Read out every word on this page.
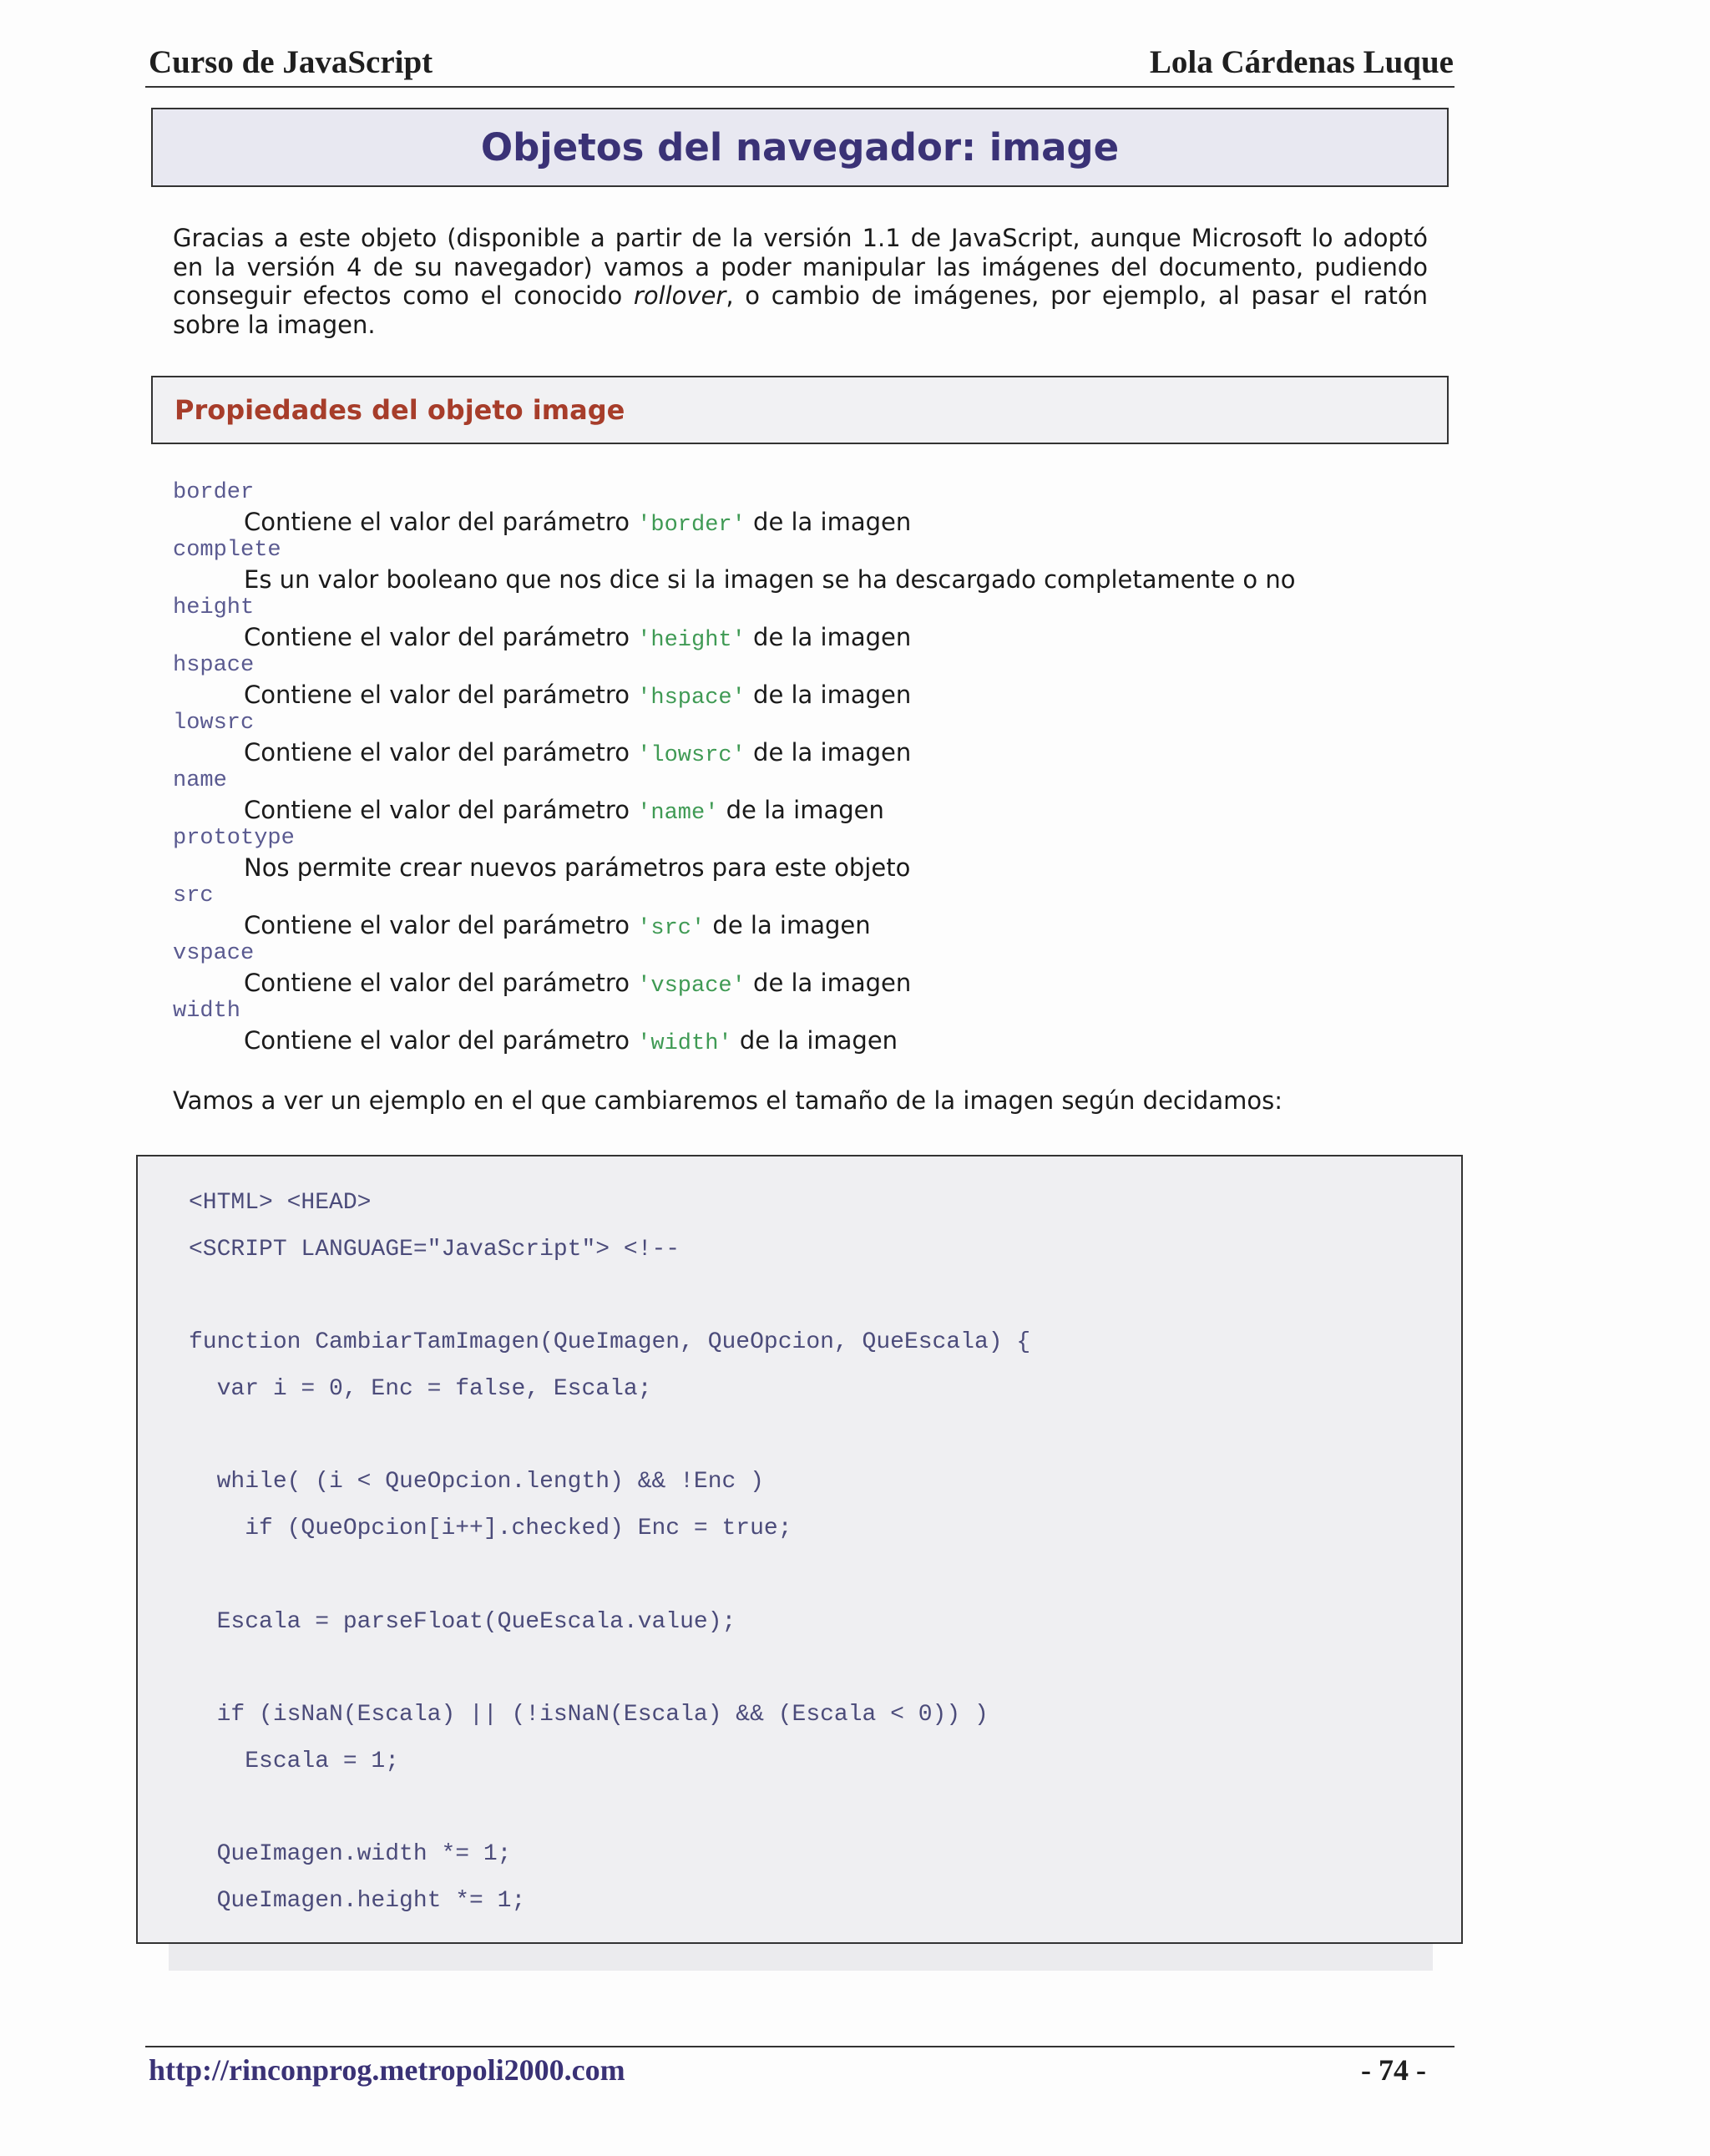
Curso de JavaScript	Lola Cárdenas Luque
Objetos del navegador: image

Gracias a este objeto (disponible a partir de la versión 1.1 de JavaScript, aunque Microsoft lo adoptó en la versión 4 de su navegador) vamos a poder manipular las imágenes del documento, pudiendo conseguir efectos como el conocido rollover, o cambio de imágenes, por ejemplo, al pasar el ratón sobre la imagen.

Propiedades del objeto image
border
Contiene el valor del parámetro 'border' de la imagen
complete
Es un valor booleano que nos dice si la imagen se ha descargado completamente o no
height
Contiene el valor del parámetro 'height' de la imagen
hspace
Contiene el valor del parámetro 'hspace' de la imagen
lowsrc
Contiene el valor del parámetro 'lowsrc' de la imagen
name
Contiene el valor del parámetro 'name' de la imagen
prototype
Nos permite crear nuevos parámetros para este objeto
src
Contiene el valor del parámetro 'src' de la imagen
vspace
Contiene el valor del parámetro 'vspace' de la imagen
width
Contiene el valor del parámetro 'width' de la imagen
Vamos a ver un ejemplo en el que cambiaremos el tamaño de la imagen según decidamos:
<HTML> <HEAD>
<SCRIPT LANGUAGE="JavaScript"> <!--
function CambiarTamImagen(QueImagen, QueOpcion, QueEscala) {
var i = 0, Enc = false, Escala;
while( (i < QueOpcion.length) && !Enc )
if (QueOpcion[i++].checked) Enc = true;
Escala = parseFloat(QueEscala.value);
if (isNaN(Escala) || (!isNaN(Escala) && (Escala < 0)) )
Escala = 1;
QueImagen.width *= 1;
QueImagen.height *= 1;
http://rinconprog.metropoli2000.com	- 74 -
